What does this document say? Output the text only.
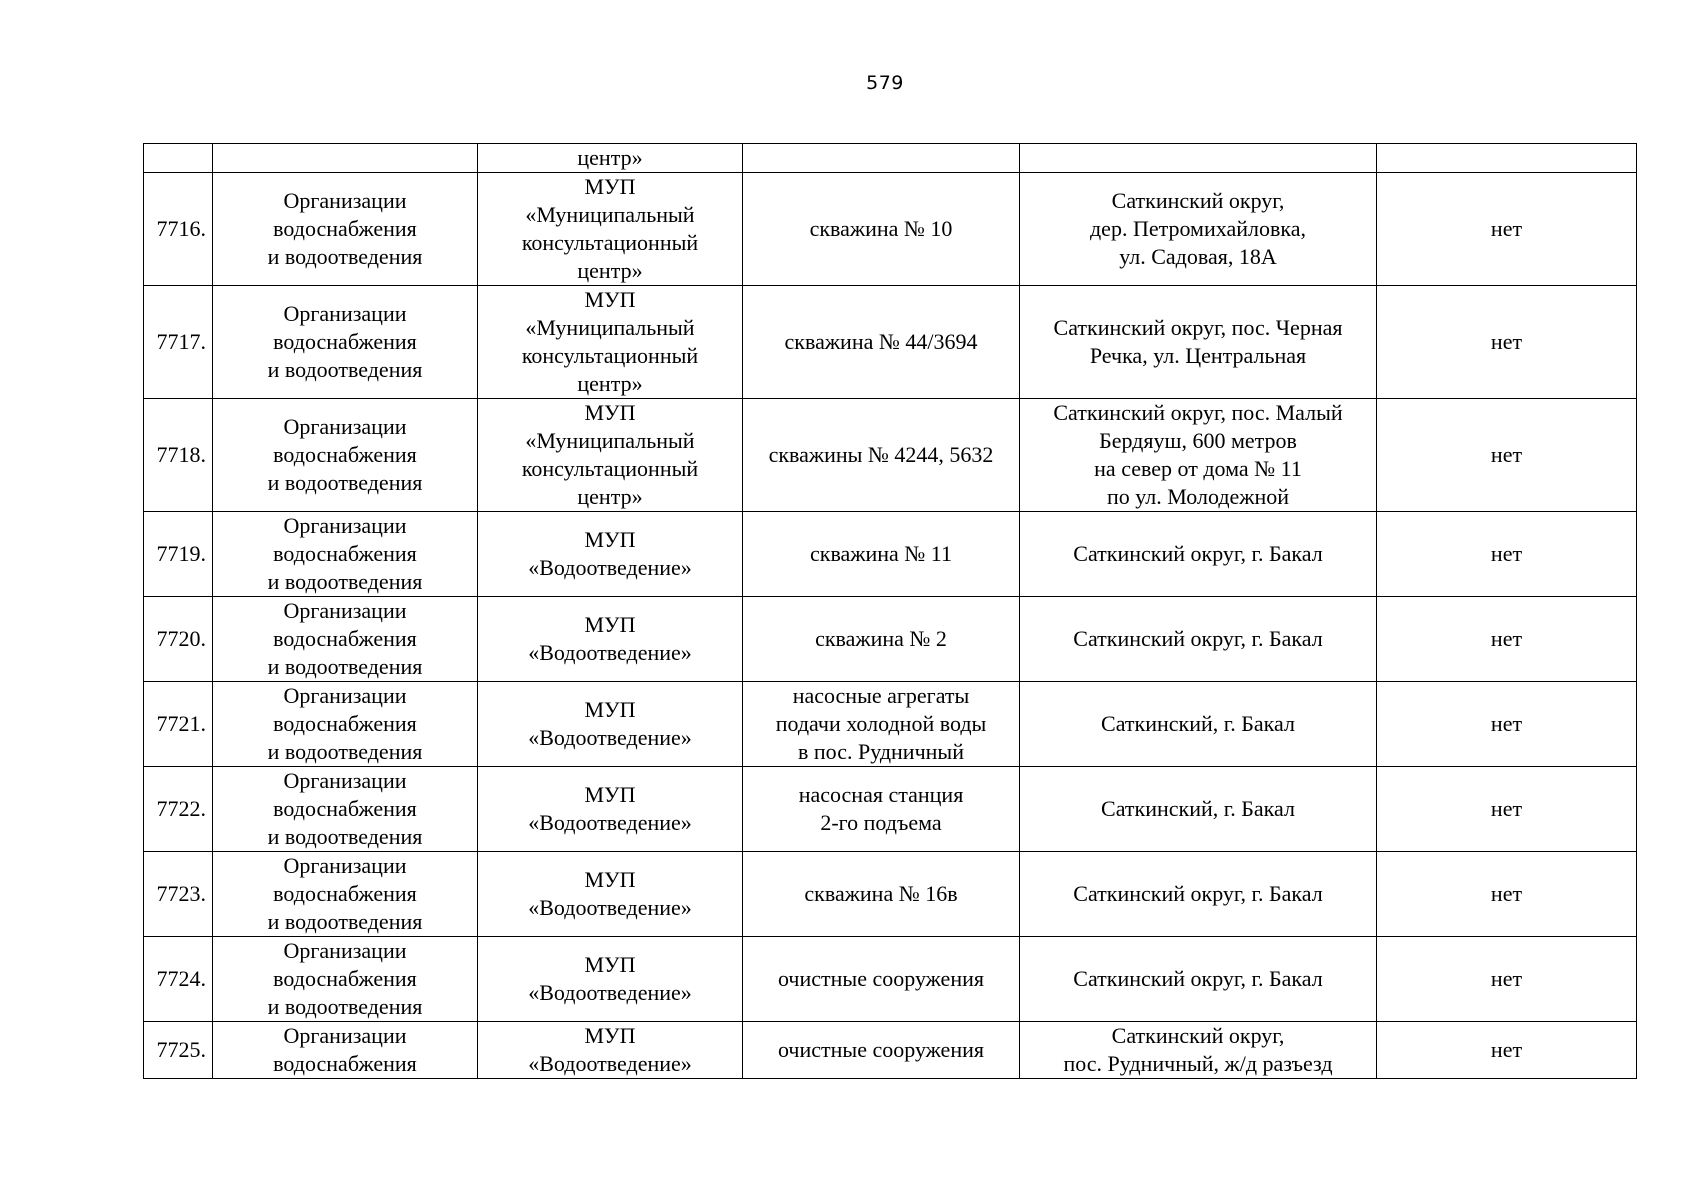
579
		центр»			
7716.	Организации
водоснабжения
и водоотведения	МУП
«Муниципальный
консультационный
центр»	скважина № 10	Саткинский округ,
дер. Петромихайловка,
ул. Садовая, 18А	нет
7717.	Организации
водоснабжения
и водоотведения	МУП
«Муниципальный
консультационный
центр»	скважина № 44/3694	Саткинский округ, пос. Черная
Речка, ул. Центральная	нет
7718.	Организации
водоснабжения
и водоотведения	МУП
«Муниципальный
консультационный
центр»	скважины № 4244, 5632	Саткинский округ, пос. Малый
Бердяуш, 600 метров
на север от дома № 11
по ул. Молодежной	нет
7719.	Организации
водоснабжения
и водоотведения	МУП
«Водоотведение»	скважина № 11	Саткинский округ, г. Бакал	нет
7720.	Организации
водоснабжения
и водоотведения	МУП
«Водоотведение»	скважина № 2	Саткинский округ, г. Бакал	нет
7721.	Организации
водоснабжения
и водоотведения	МУП
«Водоотведение»	насосные агрегаты
подачи холодной воды
в пос. Рудничный	Саткинский, г. Бакал	нет
7722.	Организации
водоснабжения
и водоотведения	МУП
«Водоотведение»	насосная станция
2-го подъема	Саткинский, г. Бакал	нет
7723.	Организации
водоснабжения
и водоотведения	МУП
«Водоотведение»	скважина № 16в	Саткинский округ, г. Бакал	нет
7724.	Организации
водоснабжения
и водоотведения	МУП
«Водоотведение»	очистные сооружения	Саткинский округ, г. Бакал	нет
7725.	Организации
водоснабжения	МУП
«Водоотведение»	очистные сооружения	Саткинский округ,
пос. Рудничный, ж/д разъезд	нет
